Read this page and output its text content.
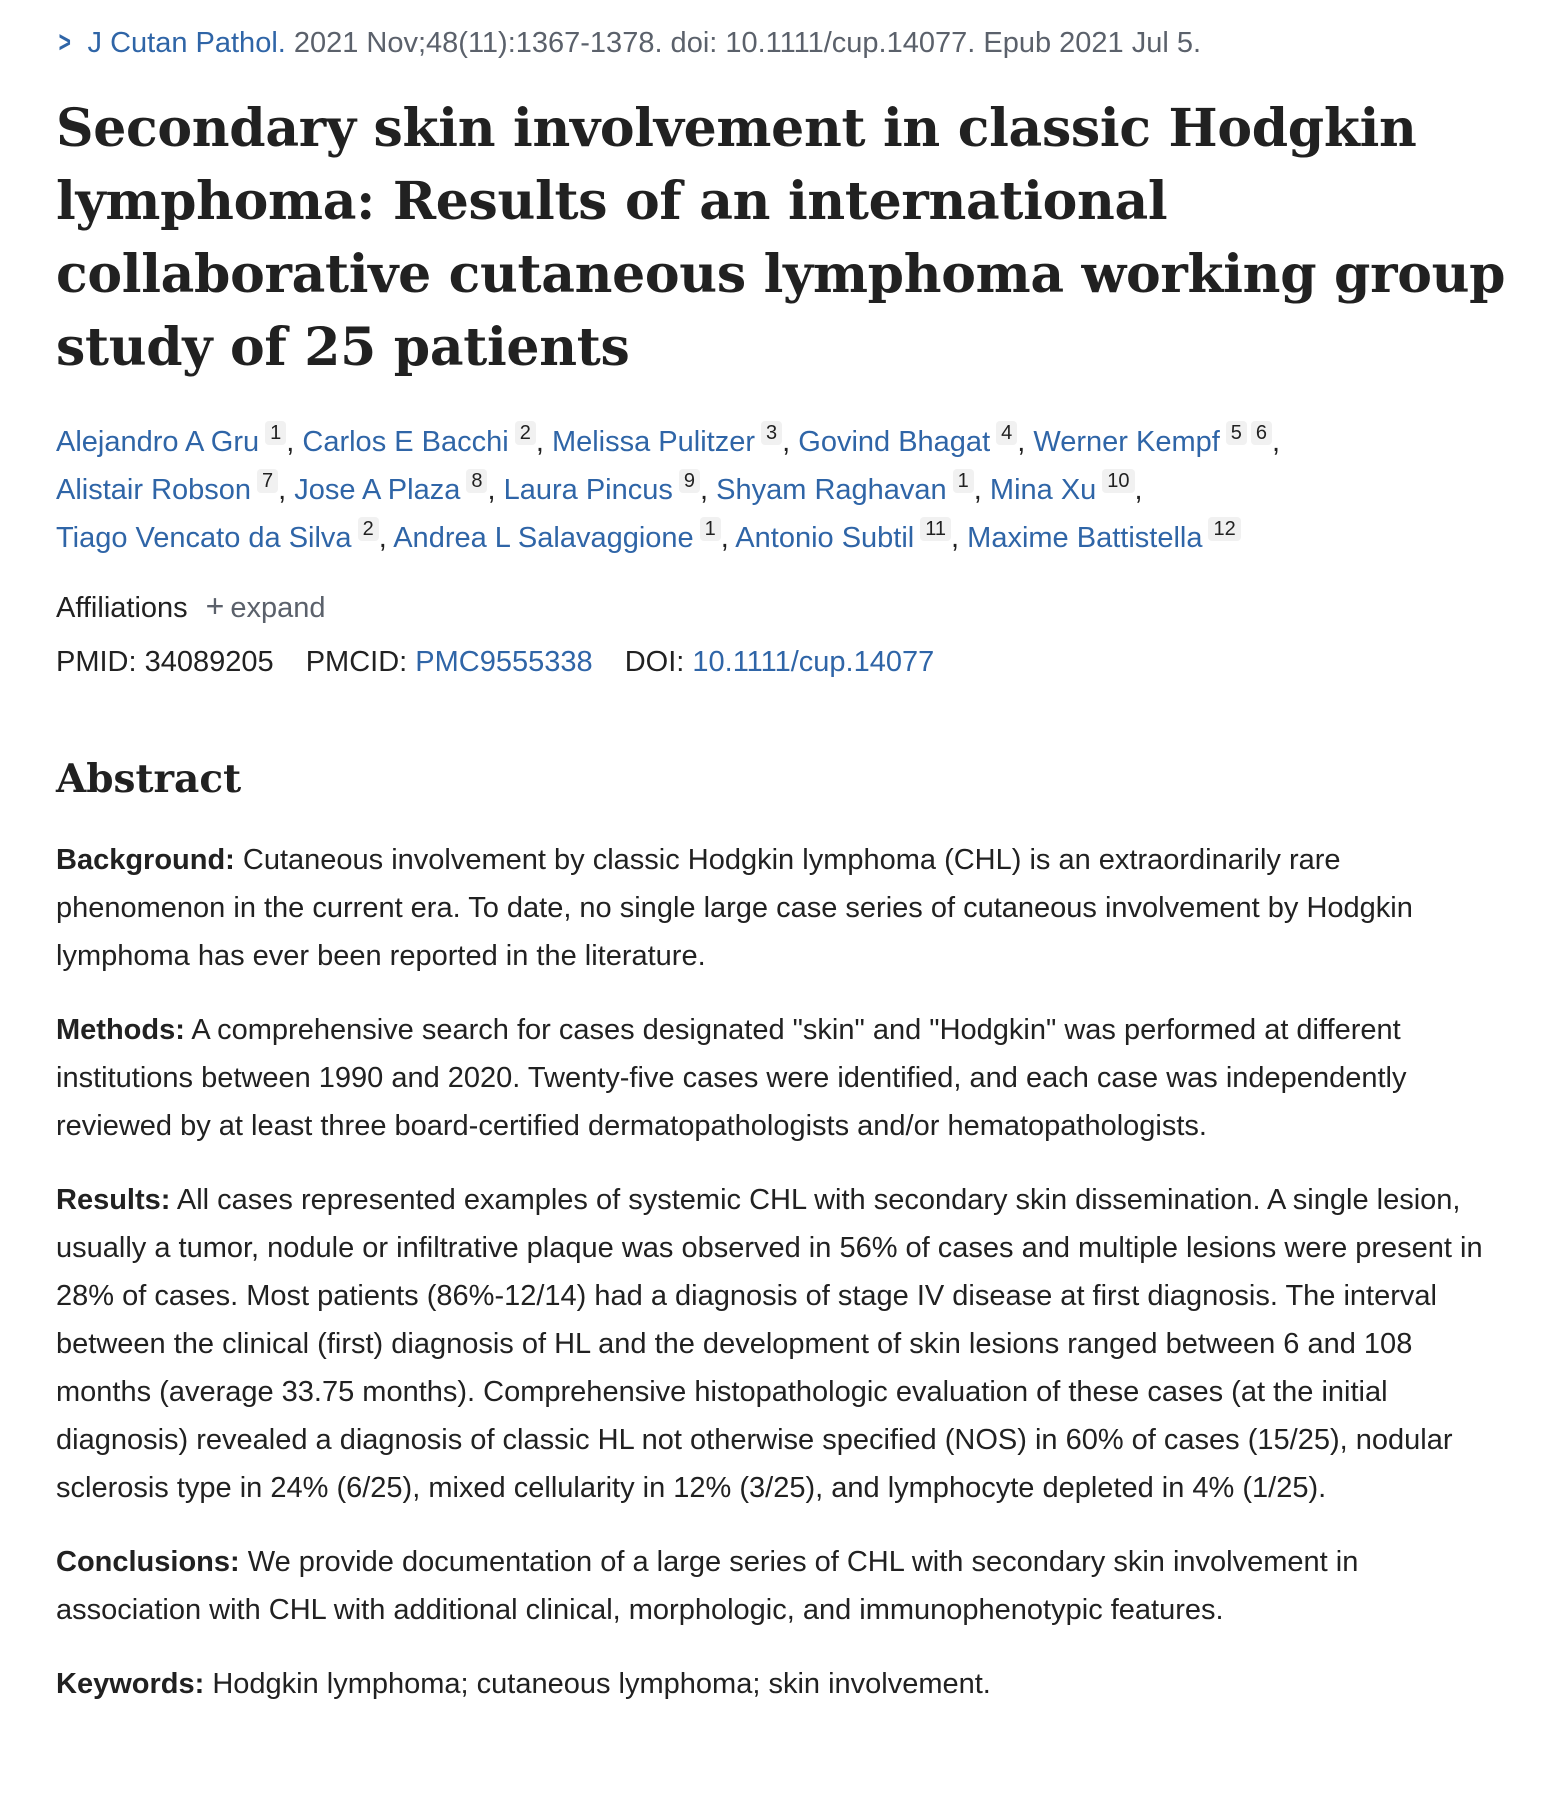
> J Cutan Pathol. 2021 Nov;48(11):1367-1378. doi: 10.1111/cup.14077. Epub 2021 Jul 5.
Secondary skin involvement in classic Hodgkin lymphoma: Results of an international collaborative cutaneous lymphoma working group study of 25 patients
Alejandro A Gru 1 , Carlos E Bacchi 2 , Melissa Pulitzer 3 , Govind Bhagat 4 , Werner Kempf 5 6 ,
Alistair Robson 7 , Jose A Plaza 8 , Laura Pincus 9 , Shyam Raghavan 1 , Mina Xu 10 ,
Tiago Vencato da Silva 2 , Andrea L Salavaggione 1 , Antonio Subtil 11 , Maxime Battistella 12
Affiliations + expand
PMID: 34089205 PMCID: PMC9555338 DOI: 10.1111/cup.14077
Abstract

Background: Cutaneous involvement by classic Hodgkin lymphoma (CHL) is an extraordinarily rare phenomenon in the current era. To date, no single large case series of cutaneous involvement by Hodgkin lymphoma has ever been reported in the literature.

Methods: A comprehensive search for cases designated "skin" and "Hodgkin" was performed at different institutions between 1990 and 2020. Twenty-five cases were identified, and each case was independently reviewed by at least three board-certified dermatopathologists and/or hematopathologists.

Results: All cases represented examples of systemic CHL with secondary skin dissemination. A single lesion, usually a tumor, nodule or infiltrative plaque was observed in 56% of cases and multiple lesions were present in 28% of cases. Most patients (86%-12/14) had a diagnosis of stage IV disease at first diagnosis. The interval between the clinical (first) diagnosis of HL and the development of skin lesions ranged between 6 and 108 months (average 33.75 months). Comprehensive histopathologic evaluation of these cases (at the initial diagnosis) revealed a diagnosis of classic HL not otherwise specified (NOS) in 60% of cases (15/25), nodular sclerosis type in 24% (6/25), mixed cellularity in 12% (3/25), and lymphocyte depleted in 4% (1/25).

Conclusions: We provide documentation of a large series of CHL with secondary skin involvement in association with CHL with additional clinical, morphologic, and immunophenotypic features.

Keywords: Hodgkin lymphoma; cutaneous lymphoma; skin involvement.
